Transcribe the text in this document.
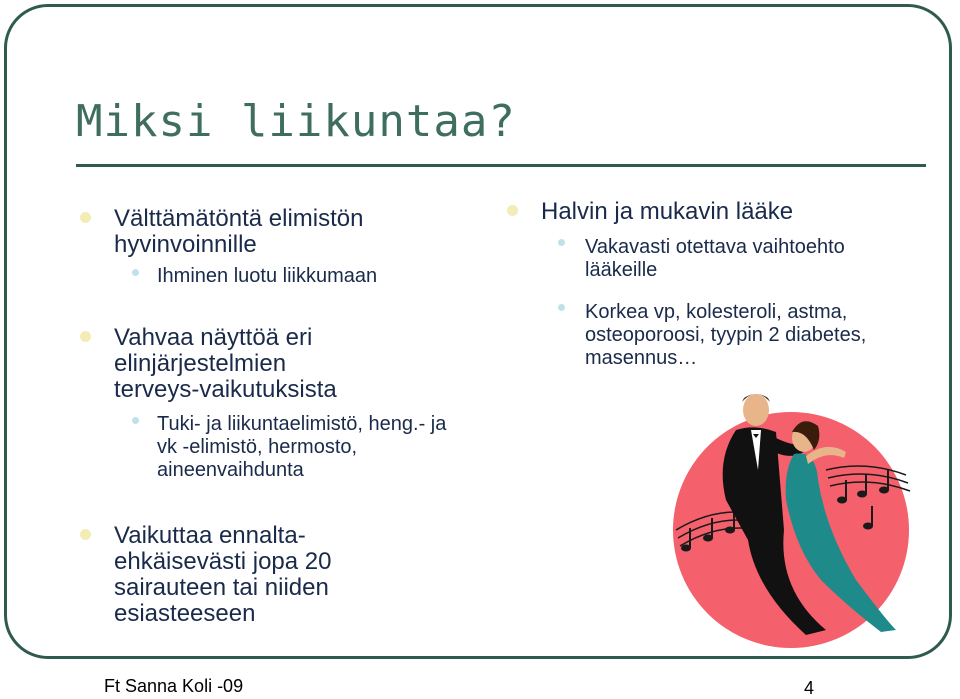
Miksi liikuntaa?
Välttämätöntä elimistön hyvinvoinnille
Ihminen luotu liikkumaan
Vahvaa näyttöä eri elinjärjestelmien terveys-vaikutuksista
Tuki- ja liikuntaelimistö, heng.- ja vk -elimistö, hermosto, aineenvaihdunta
Vaikuttaa ennalta-ehkäisevästi jopa 20 sairauteen tai niiden esiasteeseen
Halvin ja mukavin lääke
Vakavasti otettava vaihtoehto lääkeille
Korkea vp, kolesteroli, astma, osteoporoosi, tyypin 2 diabetes, masennus…
Ft Sanna Koli -09	4
